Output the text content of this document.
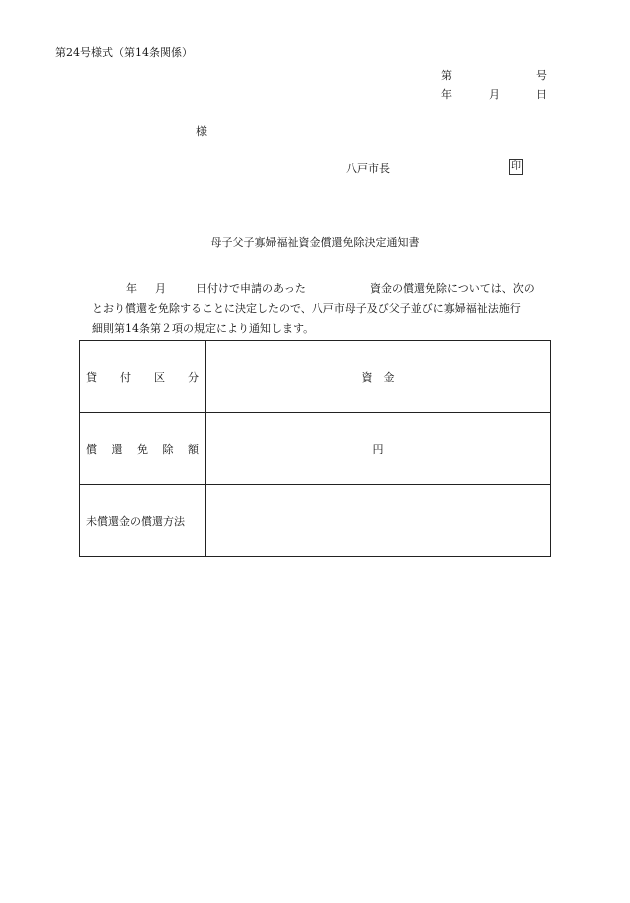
第24号様式（第14条関係）
第	号
年	月	日
様
八戸市長	印
母子父子寡婦福祉資金償還免除決定通知書
年 月	日付けで申請のあった	資金の償還免除については、次の
とおり償還を免除することに決定したので、八戸市母子及び父子並びに寡婦福祉法施行
細則第14条第２項の規定により通知します。
貸 付 区 分	資　金

償 還 免 除 額	円
未償還金の償還方法	
